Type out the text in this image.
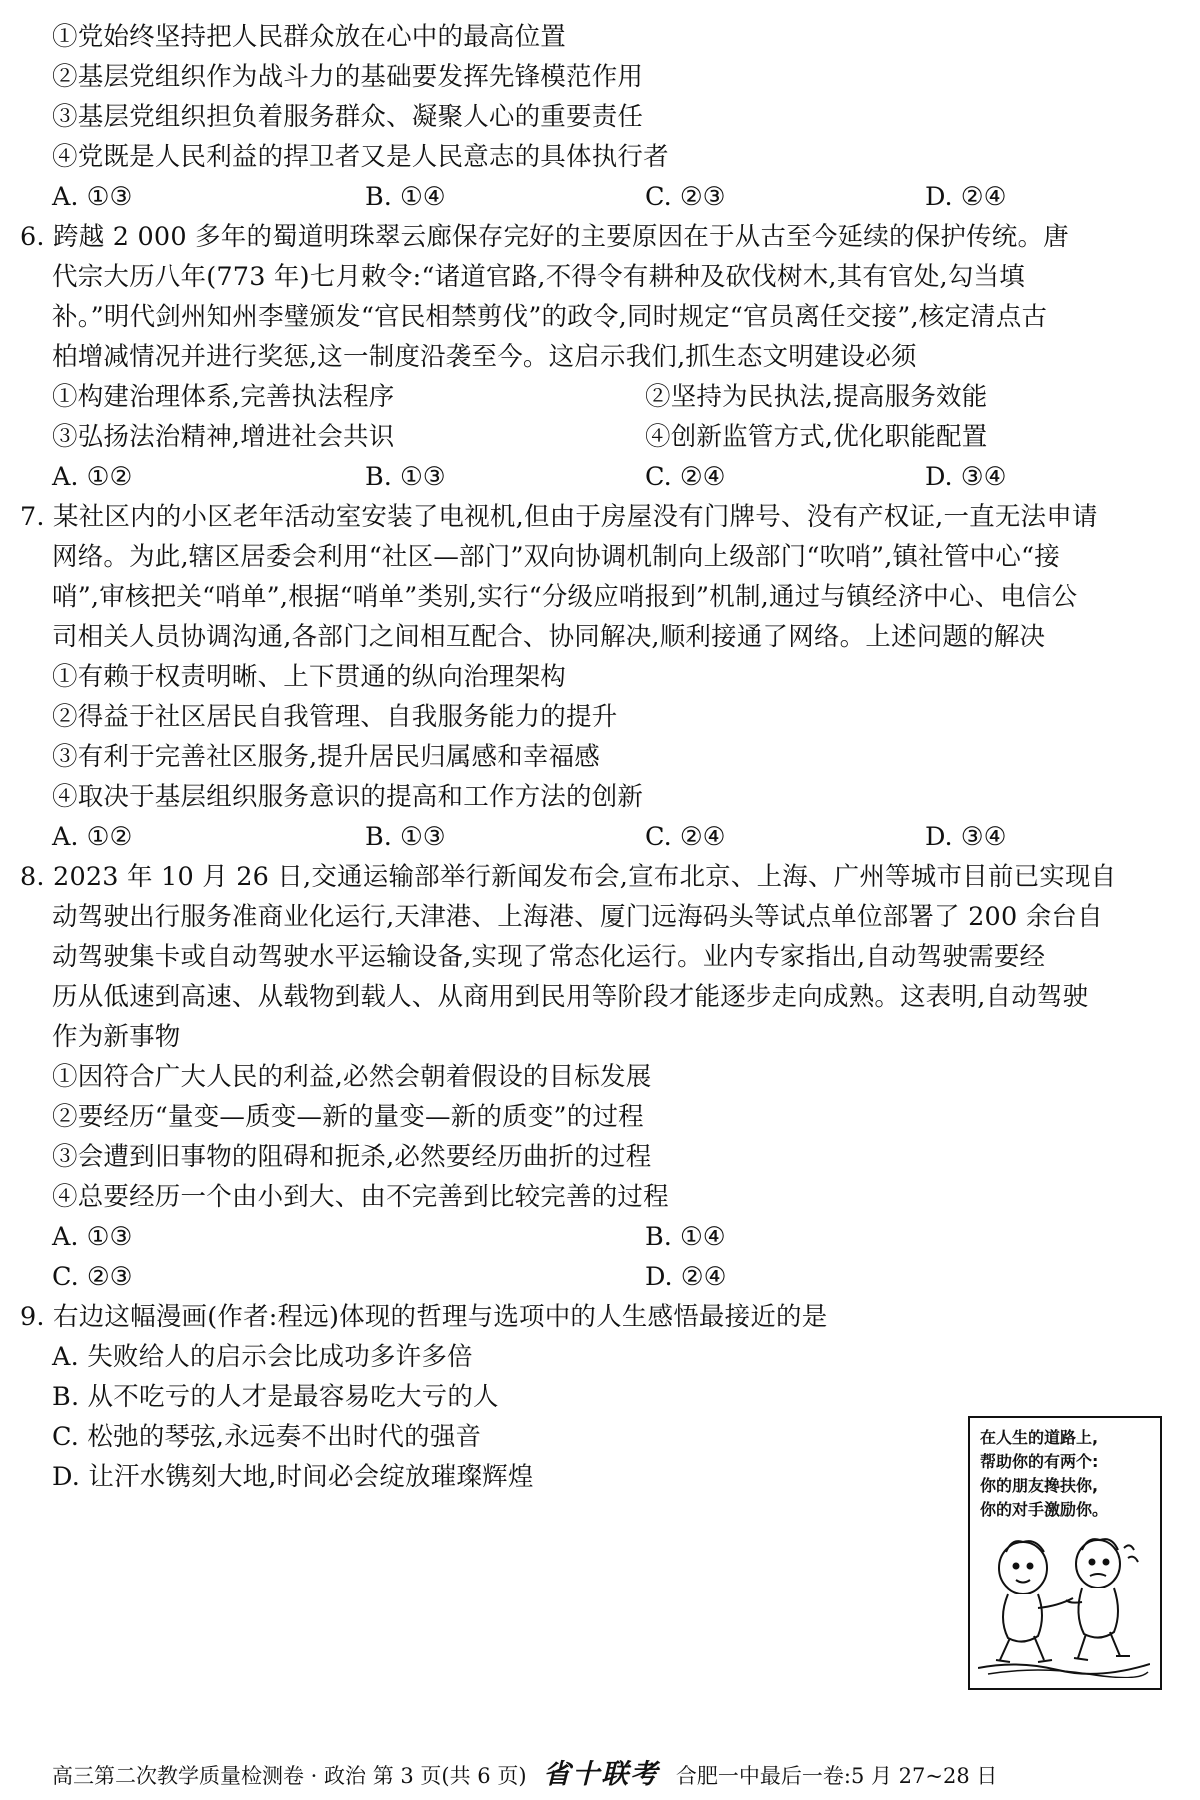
①党始终坚持把人民群众放在心中的最高位置
②基层党组织作为战斗力的基础要发挥先锋模范作用
③基层党组织担负着服务群众、凝聚人心的重要责任
④党既是人民利益的捍卫者又是人民意志的具体执行者
A. ①③	B. ①④	C. ②③	D. ②④
6. 跨越 2 000 多年的蜀道明珠翠云廊保存完好的主要原因在于从古至今延续的保护传统。唐
代宗大历八年(773 年)七月敕令:“诸道官路,不得令有耕种及砍伐树木,其有官处,勾当填
补。”明代剑州知州李璧颁发“官民相禁剪伐”的政令,同时规定“官员离任交接”,核定清点古
柏增减情况并进行奖惩,这一制度沿袭至今。这启示我们,抓生态文明建设必须
①构建治理体系,完善执法程序	②坚持为民执法,提高服务效能
③弘扬法治精神,增进社会共识	④创新监管方式,优化职能配置
A. ①②	B. ①③	C. ②④	D. ③④
7. 某社区内的小区老年活动室安装了电视机,但由于房屋没有门牌号、没有产权证,一直无法申请
网络。为此,辖区居委会利用“社区—部门”双向协调机制向上级部门“吹哨”,镇社管中心“接
哨”,审核把关“哨单”,根据“哨单”类别,实行“分级应哨报到”机制,通过与镇经济中心、电信公
司相关人员协调沟通,各部门之间相互配合、协同解决,顺利接通了网络。上述问题的解决
①有赖于权责明晰、上下贯通的纵向治理架构
②得益于社区居民自我管理、自我服务能力的提升
③有利于完善社区服务,提升居民归属感和幸福感
④取决于基层组织服务意识的提高和工作方法的创新
A. ①②	B. ①③	C. ②④	D. ③④
8. 2023 年 10 月 26 日,交通运输部举行新闻发布会,宣布北京、上海、广州等城市目前已实现自
动驾驶出行服务准商业化运行,天津港、上海港、厦门远海码头等试点单位部署了 200 余台自
动驾驶集卡或自动驾驶水平运输设备,实现了常态化运行。业内专家指出,自动驾驶需要经
历从低速到高速、从载物到载人、从商用到民用等阶段才能逐步走向成熟。这表明,自动驾驶
作为新事物
①因符合广大人民的利益,必然会朝着假设的目标发展
②要经历“量变—质变—新的量变—新的质变”的过程
③会遭到旧事物的阻碍和扼杀,必然要经历曲折的过程
④总要经历一个由小到大、由不完善到比较完善的过程
A. ①③	B. ①④
C. ②③	D. ②④
9. 右边这幅漫画(作者:程远)体现的哲理与选项中的人生感悟最接近的是
A. 失败给人的启示会比成功多许多倍
B. 从不吃亏的人才是最容易吃大亏的人
C. 松弛的琴弦,永远奏不出时代的强音
D. 让汗水镌刻大地,时间必会绽放璀璨辉煌
在人生的道路上,
帮助你的有两个:
你的朋友搀扶你,
你的对手激励你。
高三第二次教学质量检测卷 · 政治 第 3 页(共 6 页) 省十联考 合肥一中最后一卷:5 月 27~28 日
